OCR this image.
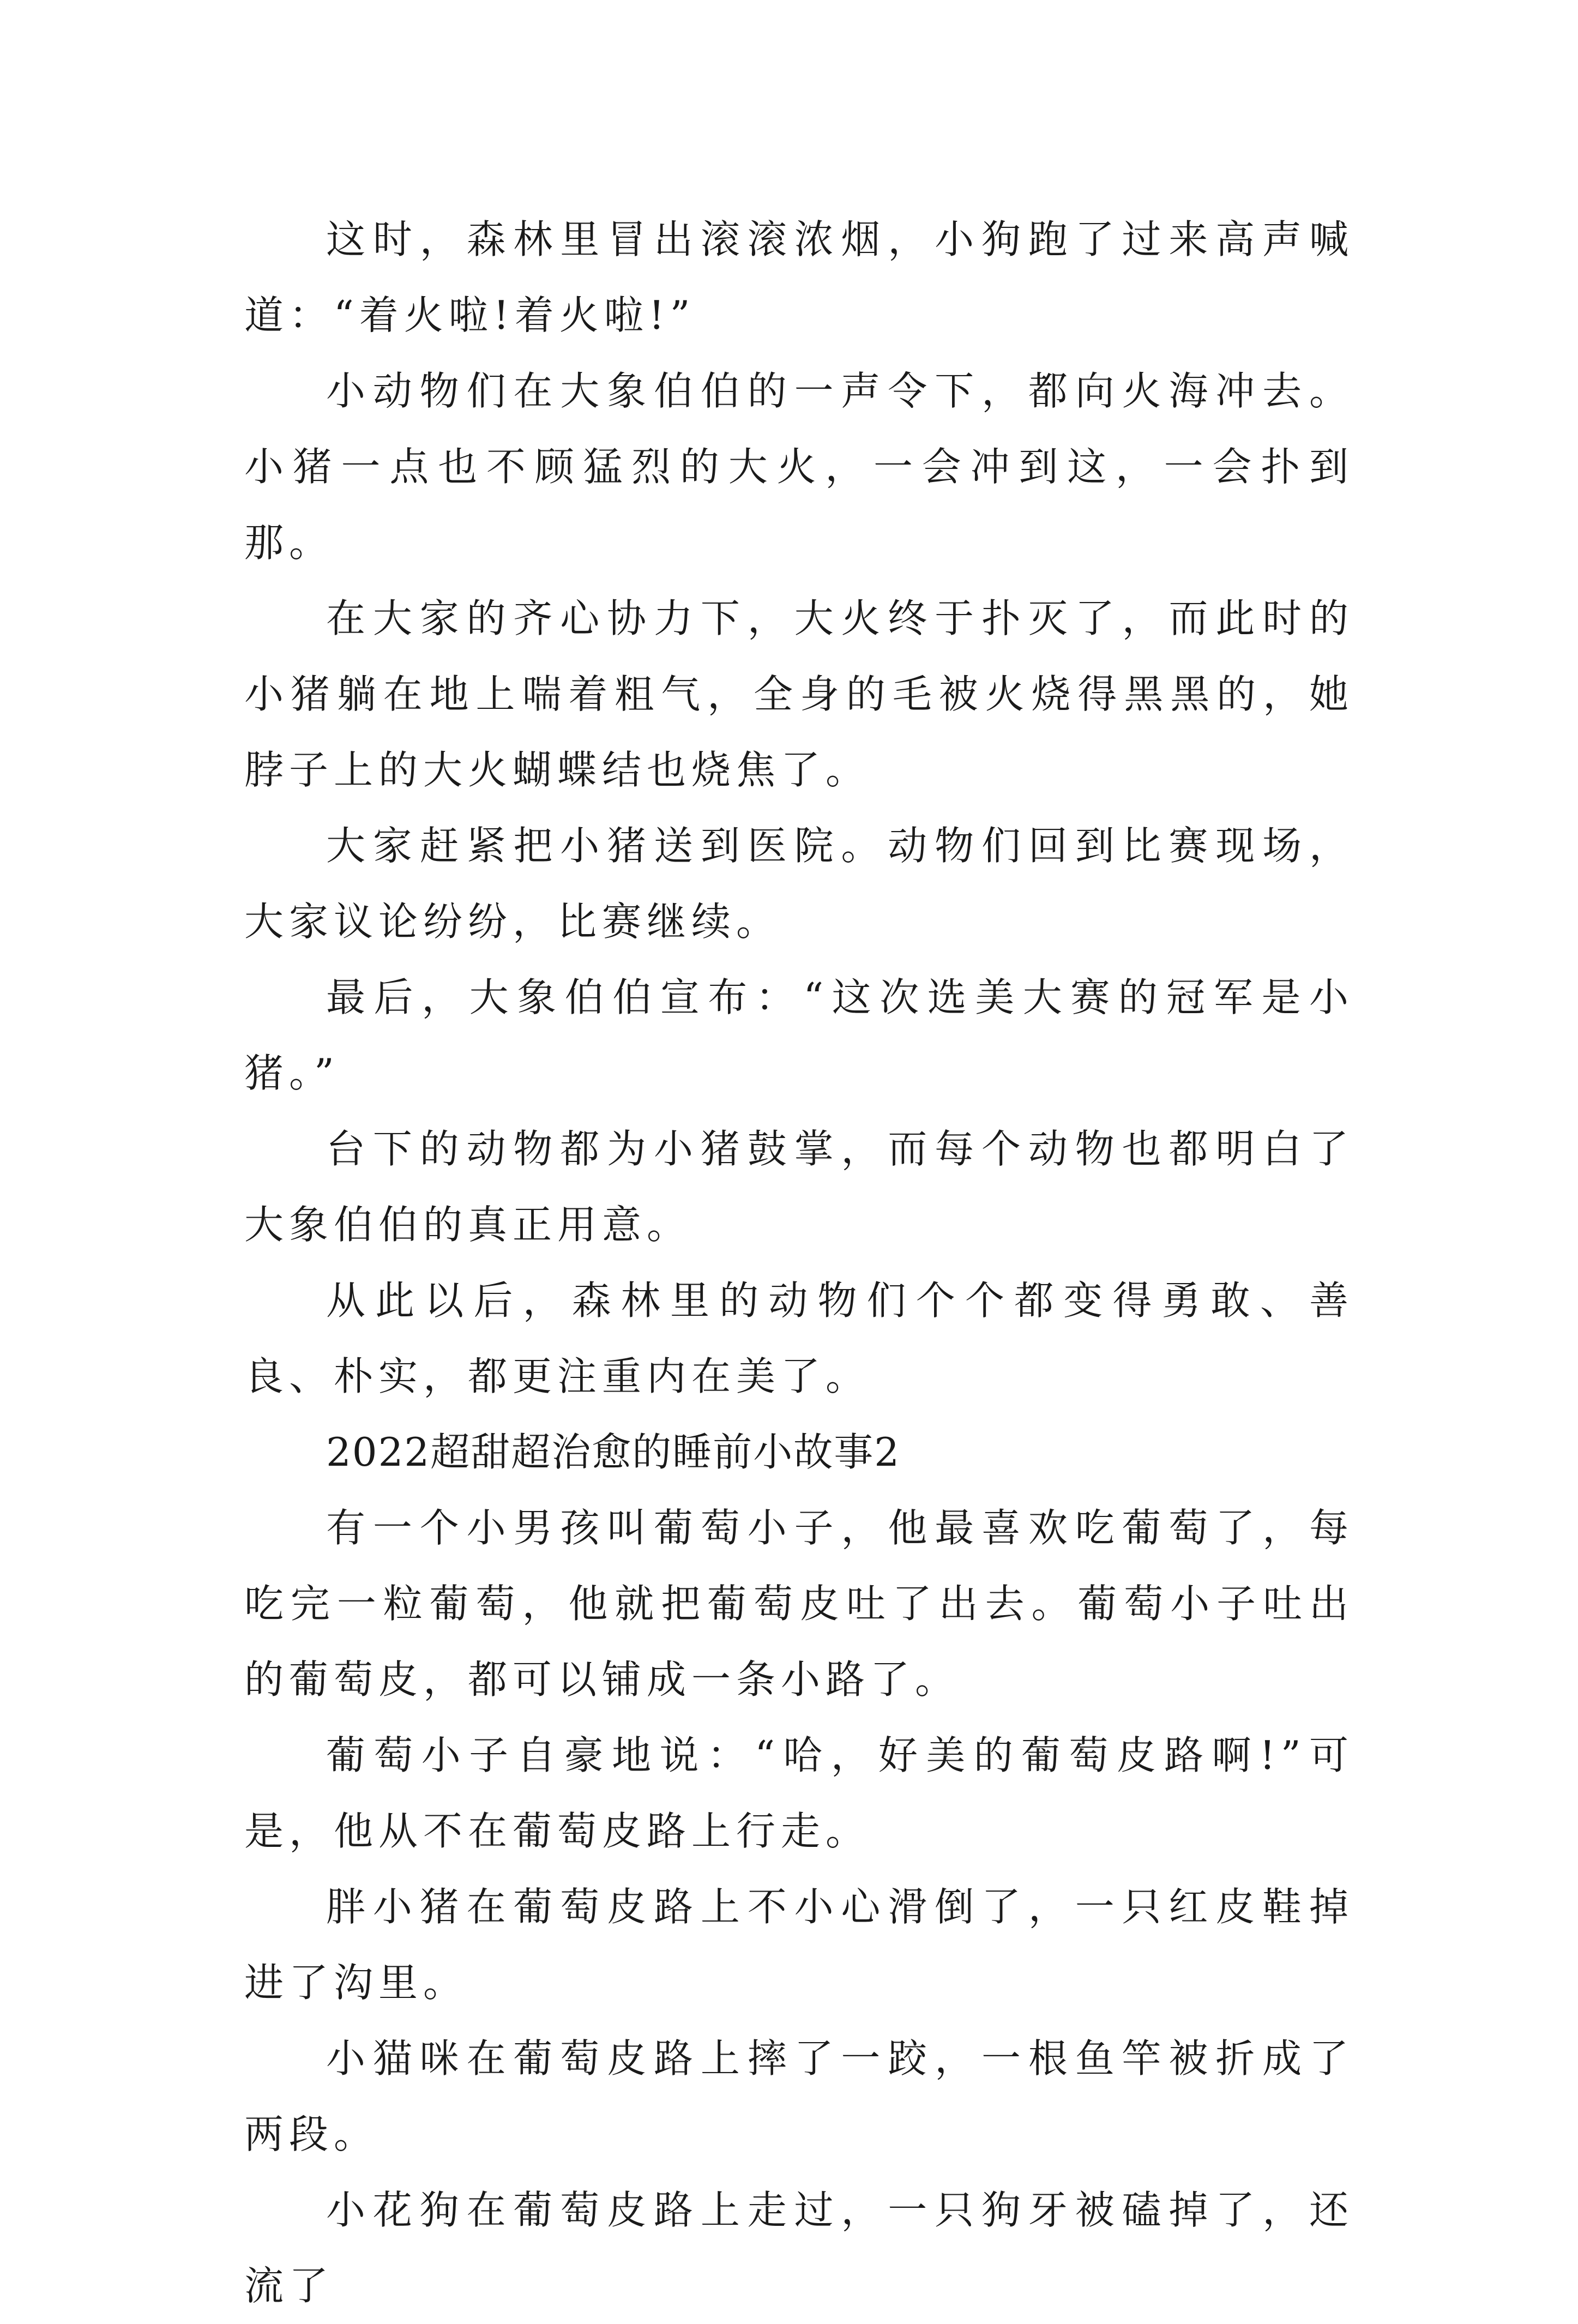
这时，森林里冒出滚滚浓烟，小狗跑了过来高声喊道：“着火啦!着火啦!”

小动物们在大象伯伯的一声令下，都向火海冲去。小猪一点也不顾猛烈的大火，一会冲到这，一会扑到那。

在大家的齐心协力下，大火终于扑灭了，而此时的小猪躺在地上喘着粗气，全身的毛被火烧得黑黑的，她脖子上的大火蝴蝶结也烧焦了。

大家赶紧把小猪送到医院。动物们回到比赛现场，大家议论纷纷，比赛继续。

最后，大象伯伯宣布：“这次选美大赛的冠军是小猪。”

台下的动物都为小猪鼓掌，而每个动物也都明白了大象伯伯的真正用意。

从此以后，森林里的动物们个个都变得勇敢、善良、朴实，都更注重内在美了。

2022超甜超治愈的睡前小故事2

有一个小男孩叫葡萄小子，他最喜欢吃葡萄了，每吃完一粒葡萄，他就把葡萄皮吐了出去。葡萄小子吐出的葡萄皮，都可以铺成一条小路了。

葡萄小子自豪地说：“哈，好美的葡萄皮路啊!”可是，他从不在葡萄皮路上行走。

胖小猪在葡萄皮路上不小心滑倒了，一只红皮鞋掉进了沟里。

小猫咪在葡萄皮路上摔了一跤，一根鱼竿被折成了两段。

小花狗在葡萄皮路上走过，一只狗牙被磕掉了，还流了
